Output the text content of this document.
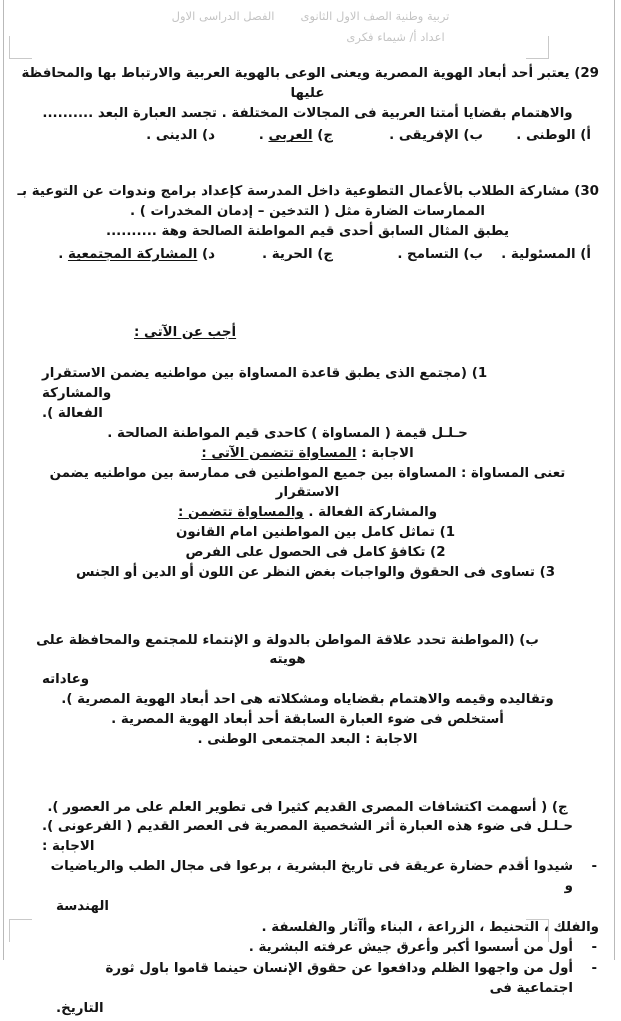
تربية وطنية الصف الاول الثانوى
الفصل الدراسى الاول
اعداد أ/ شيماء فكرى

29) يعتبر أحد أبعاد الهوية المصرية ويعنى الوعى بالهوية العربية والارتباط بها والمحافظة

عليها

والاهتمام بقضايا أمتنا العربية فى المجالات المختلفة . تجسد العبارة البعد ..........

أ) الوطنى .
ب) الإفريقى .
ج) العربى .
د) الدينى .

30) مشاركة الطلاب بالأعمال التطوعية داخل المدرسة كإعداد برامج وندوات عن التوعية بـ

الممارسات الضارة مثل ( التدخين – إدمان المخدرات ) .

يطبق المثال السابق أحدى قيم المواطنة الصالحة وهة ..........

أ) المسئولية .
ب) التسامح .
ج) الحرية .
د) المشاركة المجتمعية .

أجب عن الآتى :

1) (مجتمع الذى يطبق قاعدة المساواة بين مواطنيه يضمن الاستقرار والمشاركة

الفعالة ).

حـلـل قيمة ( المساواة ) كاحدى قيم المواطنة الصالحة .

الاجابة : المساواة تتضمن الآتى :

تعنى المساواة : المساواة بين جميع المواطنين فى ممارسة بين مواطنيه يضمن الاستقرار

والمشاركة الفعالة . والمساواة تتضمن :

1) تماثل كامل بين المواطنين امام القانون
2) تكافؤ كامل فى الحصول على الفرص
3) تساوى فى الحقوق والواجبات بغض النظر عن اللون أو الدين أو الجنس

ب) (المواطنة تحدد علاقة المواطن بالدولة و الإنتماء للمجتمع والمحافظة على هويته

وعاداته

وتقاليده وقيمه والاهتمام بقضاياه ومشكلاته هى احد أبعاد الهوية المصرية ).

أستخلص فى ضوء العبارة السابقة أحد أبعاد الهوية المصرية .

الاجابة : البعد المجتمعى الوطنى .

ج) ( أسهمت اكتشافات المصرى القديم كثيرا فى تطوير العلم على مر العصور ).

حـلـل فى ضوء هذه العبارة أثر الشخصية المصرية فى العصر القديم ( الفرعونى ).

الاجابة :

-
شيدوا أقدم حضارة عريقة فى تاريخ البشرية ، برعوا فى مجال الطب والرياضيات و
الهندسة
والفلك ، التحنيط ، الزراعة ، البناء وأآثار والفلسفة .
-
أول من أسسوا أكبر وأعرق جيش عرفته البشرية .
-
أول من واجهوا الظلم ودافعوا عن حقوق الإنسان حينما قاموا باول ثورة اجتماعية فى
التاريخ.
